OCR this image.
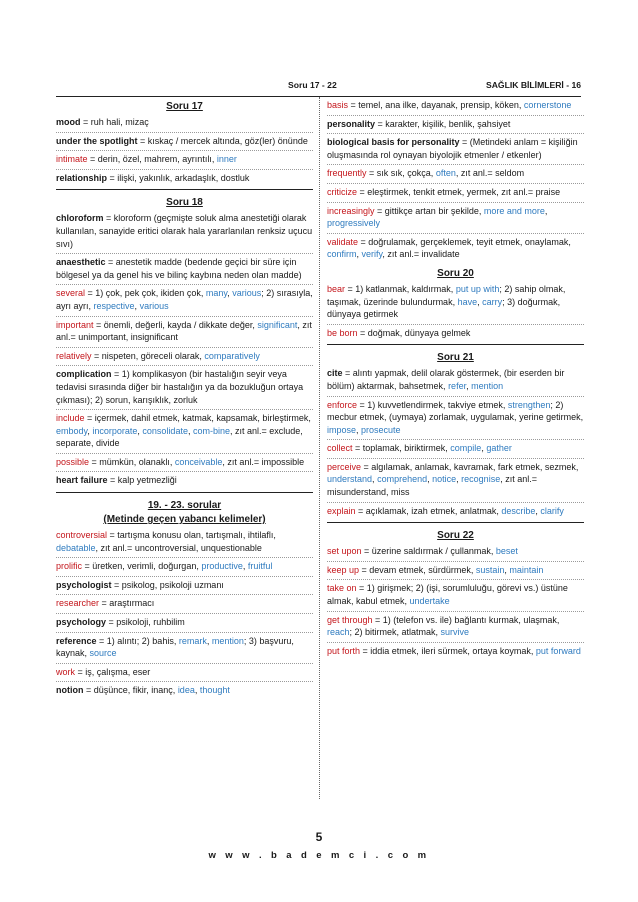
Soru 17 - 22	SAĞLIK BİLİMLERİ - 16
Soru 17
mood = ruh hali, mizaç
under the spotlight = kıskaç / mercek altında, göz(ler) önünde
intimate = derin, özel, mahrem, ayrıntılı, inner
relationship = ilişki, yakınlık, arkadaşlık, dostluk
Soru 18
chloroform = kloroform (geçmişte soluk alma anestetiği olarak kullanılan, sanayide eritici olarak hala yararlanılan renksiz uçucu sıvı)
anaesthetic = anestetik madde (bedende geçici bir süre için bölgesel ya da genel his ve bilinç kaybına neden olan madde)
several = 1) çok, pek çok, ikiden çok, many, various; 2) sırasıyla, ayrı ayrı, respective, various
important = önemli, değerli, kayda / dikkate değer, significant, zıt anl.= unimportant, insignificant
relatively = nispeten, göreceli olarak, comparatively
complication = 1) komplikasyon (bir hastalığın seyir veya tedavisi sırasında diğer bir hastalığın ya da bozukluğun ortaya çıkması); 2) sorun, karışıklık, zorluk
include = içermek, dahil etmek, katmak, kapsamak, birleştirmek, embody, incorporate, consolidate, com-bine, zıt anl.= exclude, separate, divide
possible = mümkün, olanaklı, conceivable, zıt anl.= impossible
heart failure = kalp yetmezliği
19. - 23. sorular
(Metinde geçen yabancı kelimeler)
controversial = tartışma konusu olan, tartışmalı, ihtilaflı, debatable, zıt anl.= uncontroversial, unquestionable
prolific = üretken, verimli, doğurgan, productive, fruitful
psychologist = psikolog, psikoloji uzmanı
researcher = araştırmacı
psychology = psikoloji, ruhbilim
reference = 1) alıntı; 2) bahis, remark, mention; 3) başvuru, kaynak, source
work = iş, çalışma, eser
notion = düşünce, fikir, inanç, idea, thought
basis = temel, ana ilke, dayanak, prensip, köken, cornerstone
personality = karakter, kişilik, benlik, şahsiyet
biological basis for personality = (Metindeki anlam = kişiliğin oluşmasında rol oynayan biyolojik etmenler / etkenler)
frequently = sık sık, çokça, often, zıt anl.= seldom
criticize = eleştirmek, tenkit etmek, yermek, zıt anl.= praise
increasingly = gittikçe artan bir şekilde, more and more, progressively
validate = doğrulamak, gerçeklemek, teyit etmek, onaylamak, confirm, verify, zıt anl.= invalidate
Soru 20
bear = 1) katlanmak, kaldırmak, put up with; 2) sahip olmak, taşımak, üzerinde bulundurmak, have, carry; 3) doğurmak, dünyaya getirmek
be born = doğmak, dünyaya gelmek
Soru 21
cite = alıntı yapmak, delil olarak göstermek, (bir eserden bir bölüm) aktarmak, bahsetmek, refer, mention
enforce = 1) kuvvetlendirmek, takviye etmek, strengthen; 2) mecbur etmek, (uymaya) zorlamak, uygulamak, yerine getirmek, impose, prosecute
collect = toplamak, biriktirmek, compile, gather
perceive = algılamak, anlamak, kavramak, fark etmek, sezmek, understand, comprehend, notice, recognise, zıt anl.= misunderstand, miss
explain = açıklamak, izah etmek, anlatmak, describe, clarify
Soru 22
set upon = üzerine saldırmak / çullanmak, beset
keep up = devam etmek, sürdürmek, sustain, maintain
take on = 1) girişmek; 2) (işi, sorumluluğu, görevi vs.) üstüne almak, kabul etmek, undertake
get through = 1) (telefon vs. ile) bağlantı kurmak, ulaşmak, reach; 2) bitirmek, atlatmak, survive
put forth = iddia etmek, ileri sürmek, ortaya koymak, put forward
5
w w w . b a d e m c i . c o m
